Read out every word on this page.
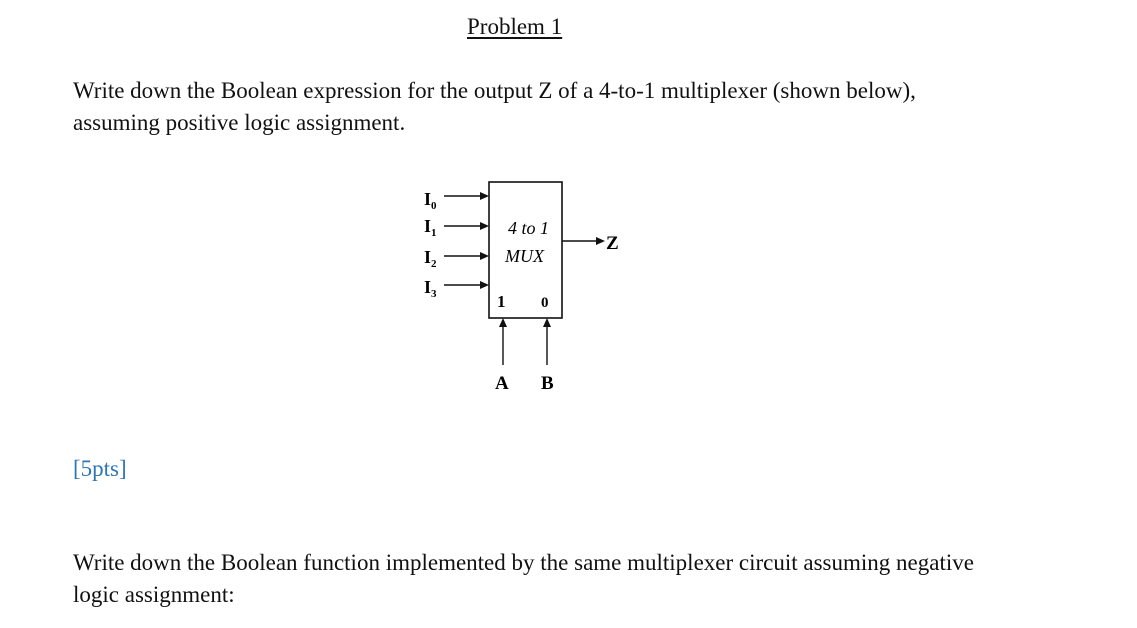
Problem 1
Write down the Boolean expression for the output Z of a 4-to-1 multiplexer (shown below),
assuming positive logic assignment.
$I_0$
$I_1$
$I_2$
$I_3$
4 to 1
MUX
Z
1 0
A B
[5pts]
Write down the Boolean function implemented by the same multiplexer circuit assuming negative
logic assignment:
